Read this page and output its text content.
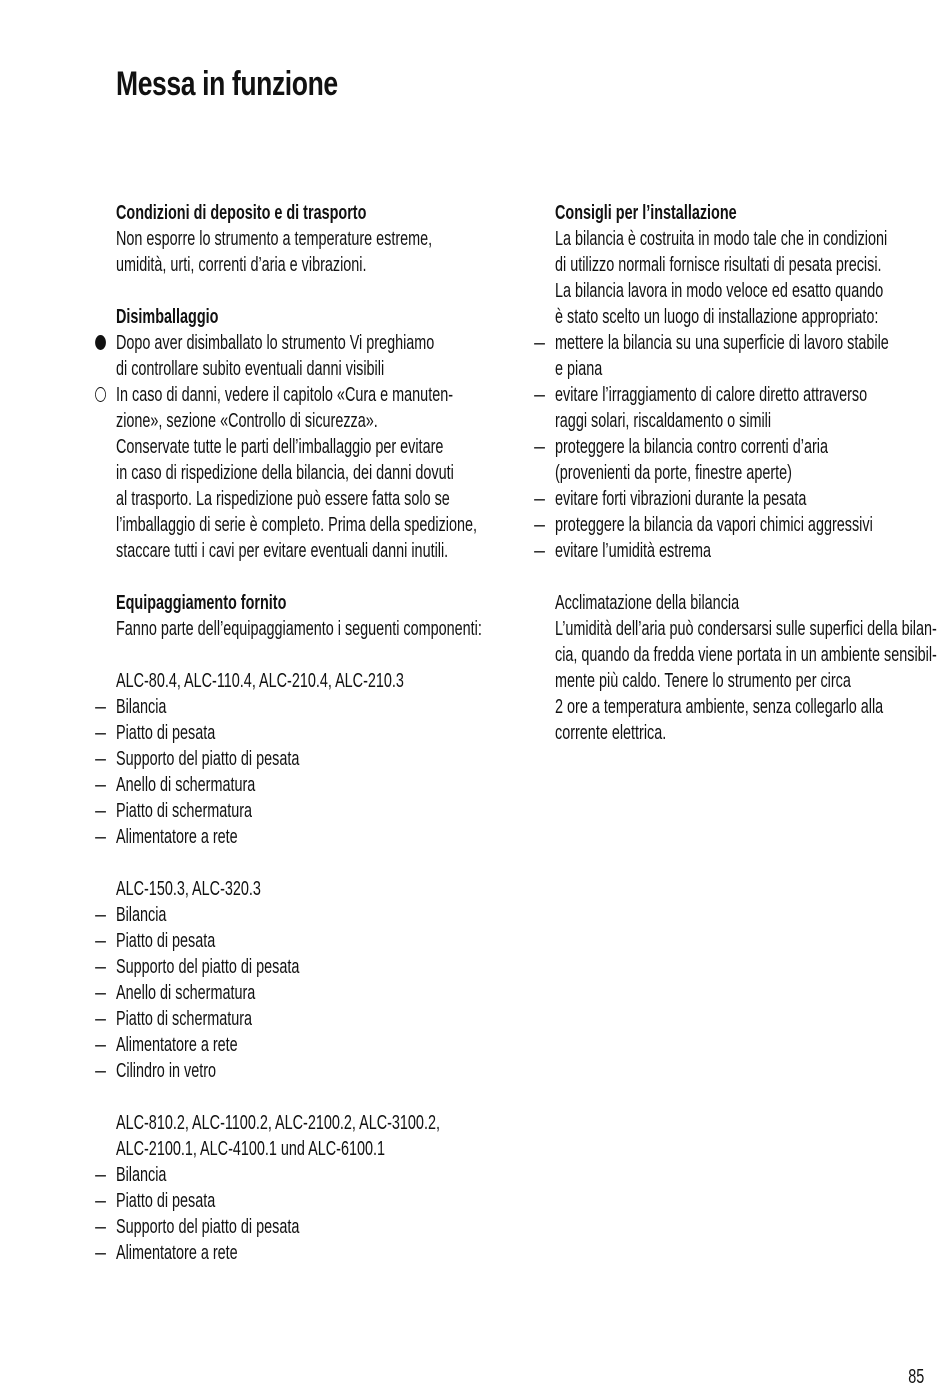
Messa in funzione
Condizioni di deposito e di trasporto
Non esporre lo strumento a temperature estreme,
umidità, urti, correnti d’aria e vibrazioni.
Disimballaggio
Dopo aver disimballato lo strumento Vi preghiamo
di controllare subito eventuali danni visibili
In caso di danni, vedere il capitolo «Cura e manuten-
zione», sezione «Controllo di sicurezza».
Conservate tutte le parti dell’imballaggio per evitare
in caso di rispedizione della bilancia, dei danni dovuti
al trasporto. La rispedizione può essere fatta solo se
l’imballaggio di serie è completo. Prima della spedizione,
staccare tutti i cavi per evitare eventuali danni inutili.
Equipaggiamento fornito
Fanno parte dell’equipaggiamento i seguenti componenti:
ALC-80.4, ALC-110.4, ALC-210.4, ALC-210.3
– Bilancia
– Piatto di pesata
– Supporto del piatto di pesata
– Anello di schermatura
– Piatto di schermatura
– Alimentatore a rete
ALC-150.3, ALC-320.3
– Bilancia
– Piatto di pesata
– Supporto del piatto di pesata
– Anello di schermatura
– Piatto di schermatura
– Alimentatore a rete
– Cilindro in vetro
ALC-810.2, ALC-1100.2, ALC-2100.2, ALC-3100.2,
ALC-2100.1, ALC-4100.1 und ALC-6100.1
– Bilancia
– Piatto di pesata
– Supporto del piatto di pesata
– Alimentatore a rete
Consigli per l’installazione
La bilancia è costruita in modo tale che in condizioni
di utilizzo normali fornisce risultati di pesata precisi.
La bilancia lavora in modo veloce ed esatto quando
è stato scelto un luogo di installazione appropriato:
– mettere la bilancia su una superficie di lavoro stabile
e piana
– evitare l’irraggiamento di calore diretto attraverso
raggi solari, riscaldamento o simili
– proteggere la bilancia contro correnti d’aria
(provenienti da porte, finestre aperte)
– evitare forti vibrazioni durante la pesata
– proteggere la bilancia da vapori chimici aggressivi
– evitare l’umidità estrema
Acclimatazione della bilancia
L’umidità dell’aria può condersarsi sulle superfici della bilan-
cia, quando da fredda viene portata in un ambiente sensibil-
mente più caldo. Tenere lo strumento per circa
2 ore a temperatura ambiente, senza collegarlo alla
corrente elettrica.
85
